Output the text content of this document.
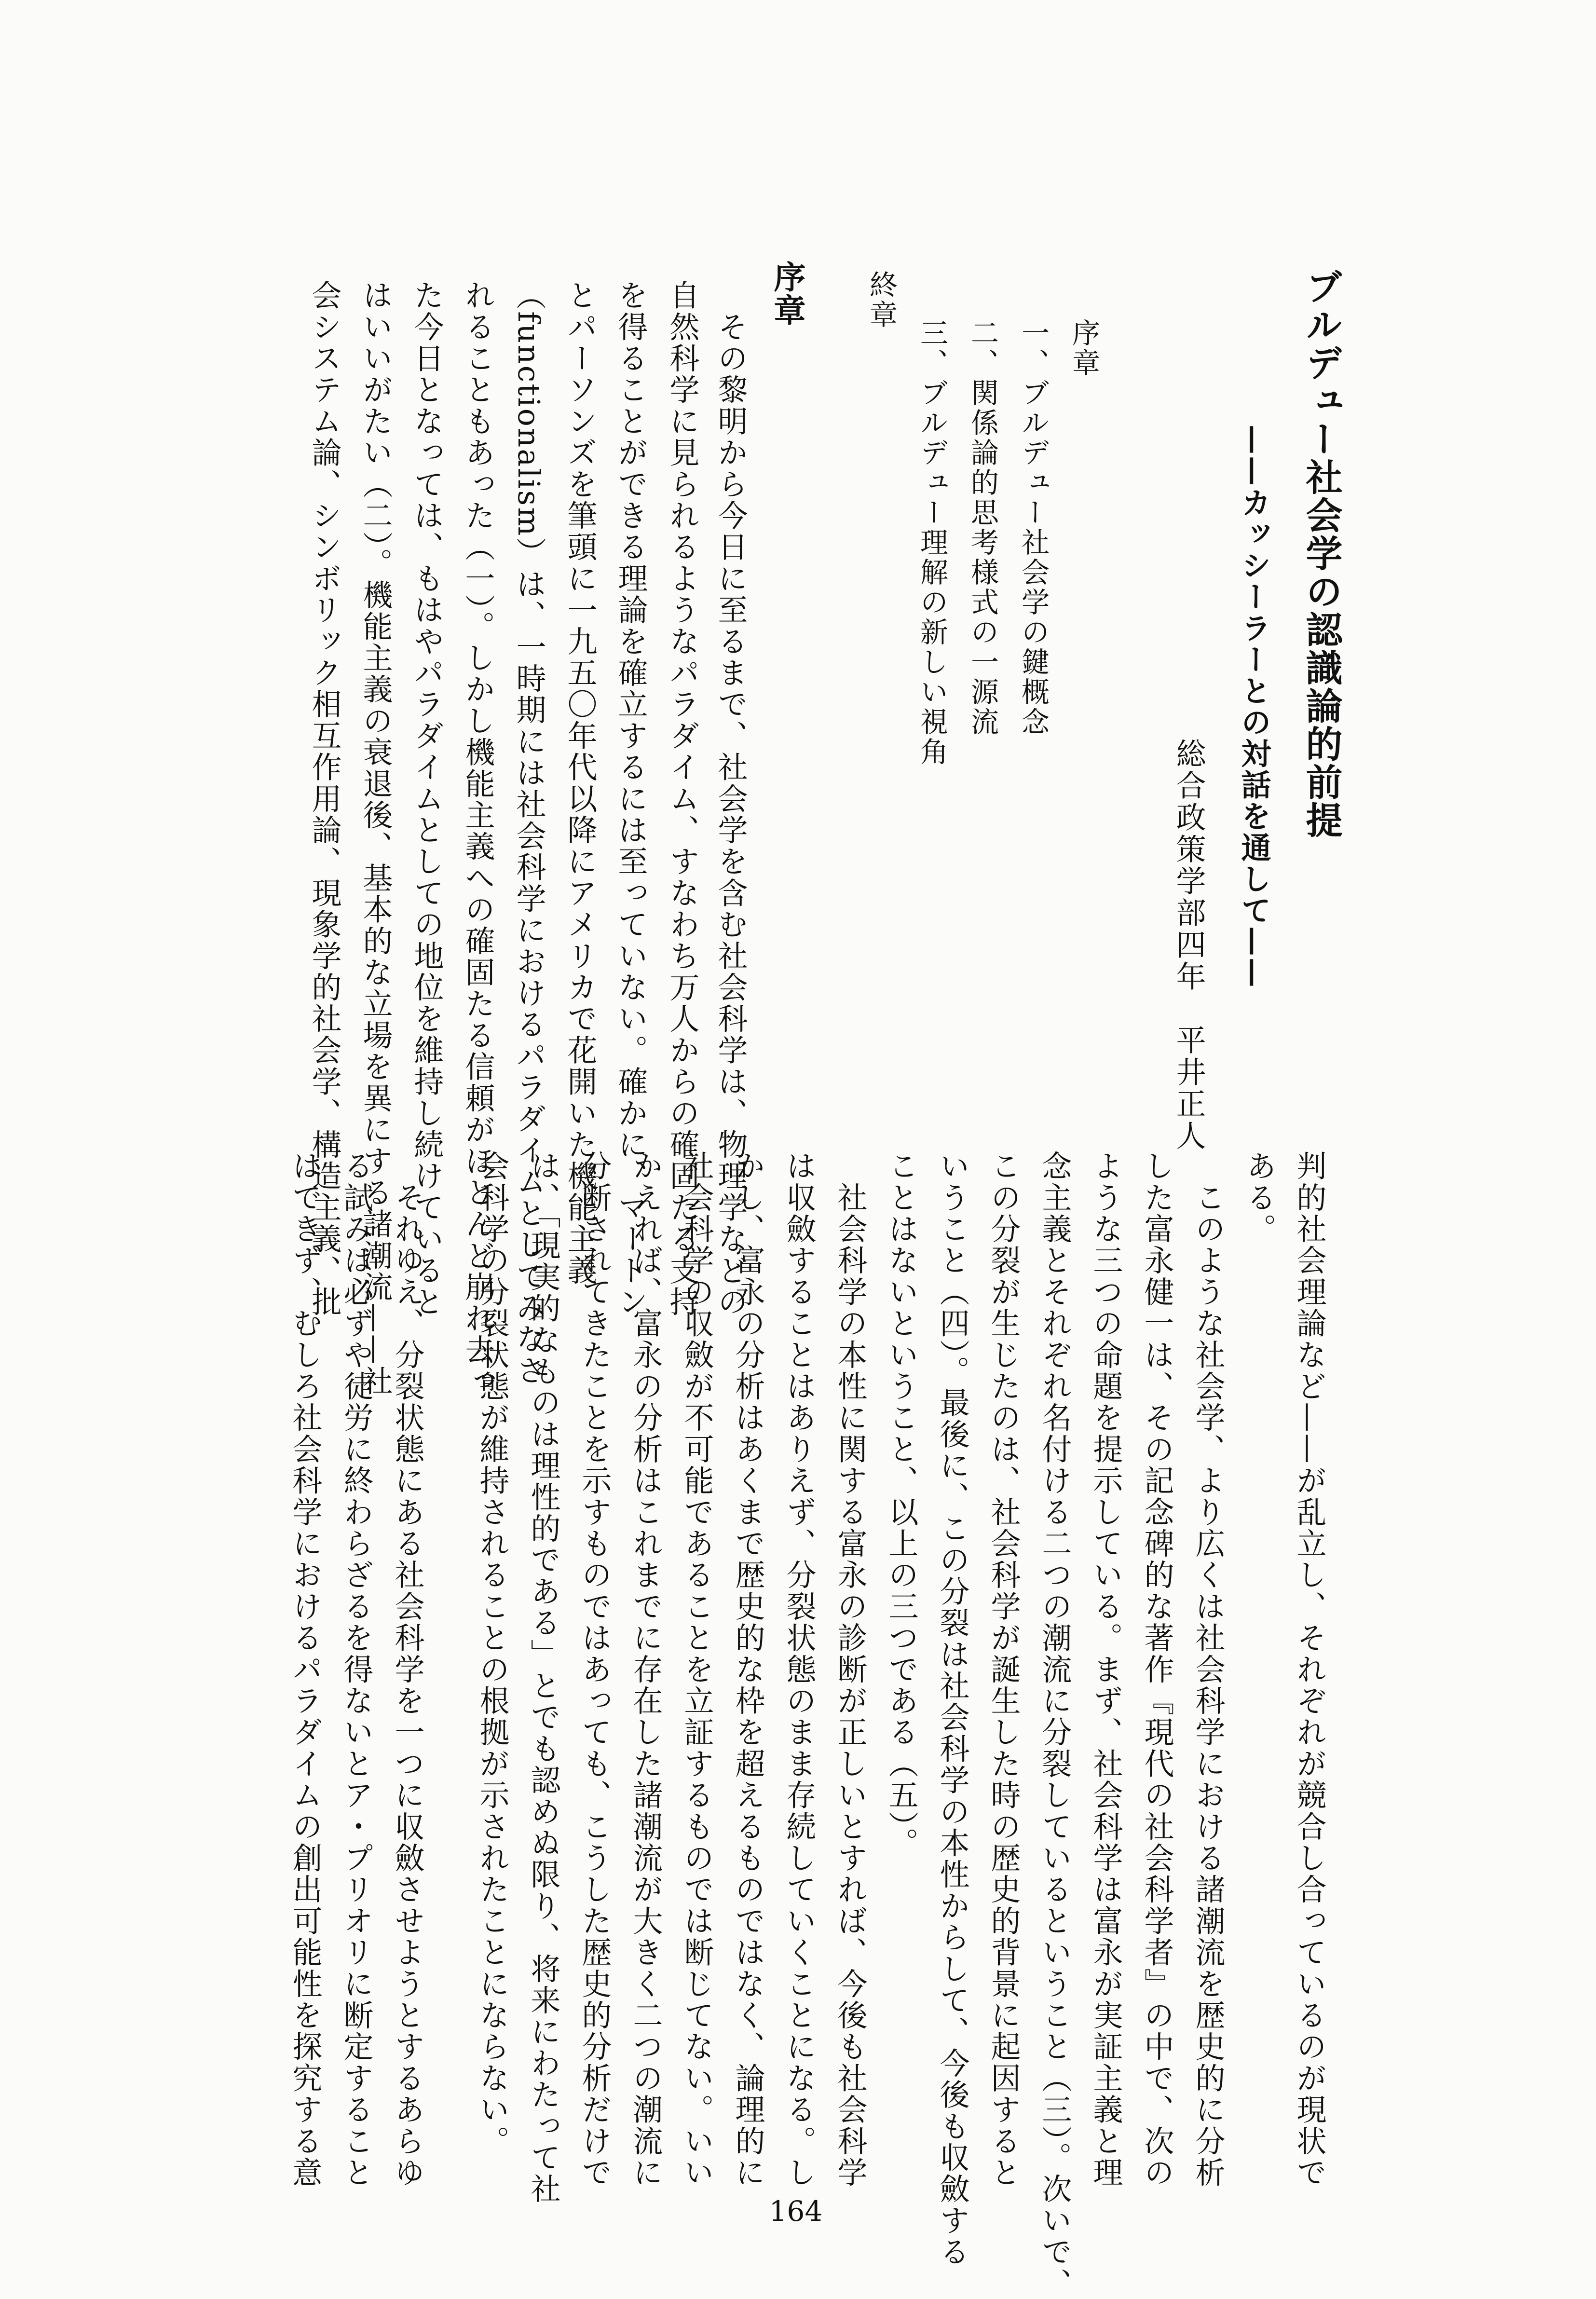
ブルデュー社会学の認識論的前提
——カッシーラーとの対話を通して——
総合政策学部四年　平井正人
序章
一、ブルデュー社会学の鍵概念
二、関係論的思考様式の一源流
三、ブルデュー理解の新しい視角
終章
序章
　その黎明から今日に至るまで、社会学を含む社会科学は、物理学などの
自然科学に見られるようなパラダイム、すなわち万人からの確固たる支持
を得ることができる理論を確立するには至っていない。確かに、マートン
とパーソンズを筆頭に一九五〇年代以降にアメリカで花開いた機能主義
（functionalism）は、一時期には社会科学におけるパラダイムとしてみなさ
れることもあった（一）。しかし機能主義への確固たる信頼がほとんど崩れ去っ
た今日となっては、もはやパラダイムとしての地位を維持し続けていると
はいいがたい（二）。機能主義の衰退後、基本的な立場を異にする諸潮流——社
会システム論、シンボリック相互作用論、現象学的社会学、構造主義、批
判的社会理論など——が乱立し、それぞれが競合し合っているのが現状で
ある。
　このような社会学、より広くは社会科学における諸潮流を歴史的に分析
した富永健一は、その記念碑的な著作『現代の社会科学者』の中で、次の
ような三つの命題を提示している。まず、社会科学は富永が実証主義と理
念主義とそれぞれ名付ける二つの潮流に分裂しているということ（三）。次いで、
この分裂が生じたのは、社会科学が誕生した時の歴史的背景に起因すると
いうこと（四）。最後に、この分裂は社会科学の本性からして、今後も収斂する
ことはないということ、以上の三つである（五）。
　社会科学の本性に関する富永の診断が正しいとすれば、今後も社会科学
は収斂することはありえず、分裂状態のまま存続していくことになる。し
かし、富永の分析はあくまで歴史的な枠を超えるものではなく、論理的に
社会科学の収斂が不可能であることを立証するものでは断じてない。いい
かえれば、富永の分析はこれまでに存在した諸潮流が大きく二つの潮流に
分断されてきたことを示すものではあっても、こうした歴史的分析だけで
は、「現実的なものは理性的である」とでも認めぬ限り、将来にわたって社
会科学の分裂状態が維持されることの根拠が示されたことにならない。
　それゆえ、分裂状態にある社会科学を一つに収斂させようとするあらゆ
る試みは必ずや徒労に終わらざるを得ないとア・プリオリに断定すること
はできず、むしろ社会科学におけるパラダイムの創出可能性を探究する意
164
